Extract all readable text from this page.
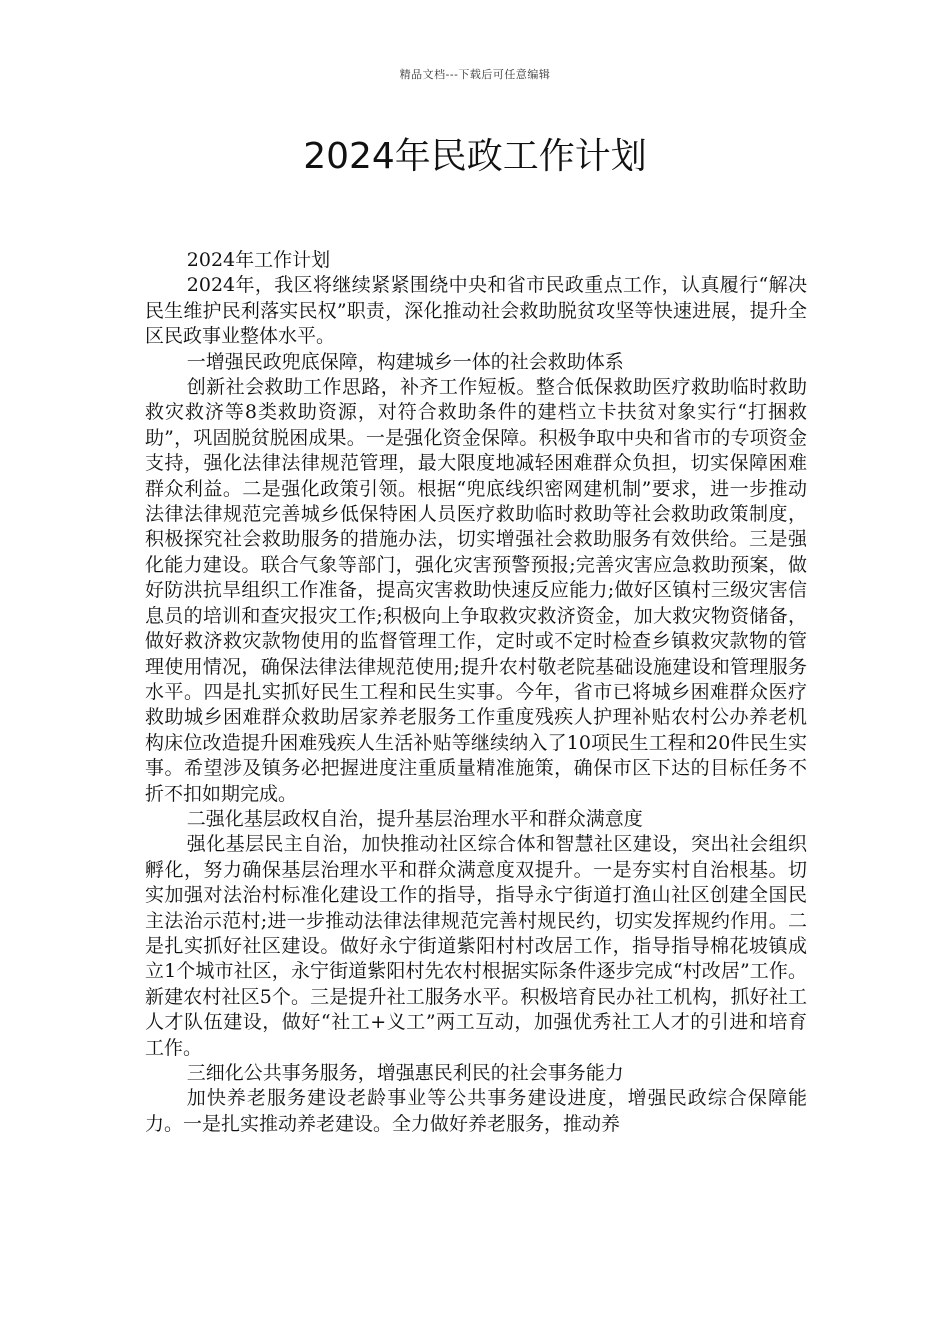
精品文档---下载后可任意编辑
2024年民政工作计划

2024年工作计划

2024年，我区将继续紧紧围绕中央和省市民政重点工作，认真履行“解决民生维护民利落实民权”职责，深化推动社会救助脱贫攻坚等快速进展，提升全区民政事业整体水平。

一增强民政兜底保障，构建城乡一体的社会救助体系

创新社会救助工作思路，补齐工作短板。整合低保救助医疗救助临时救助救灾救济等8类救助资源，对符合救助条件的建档立卡扶贫对象实行“打捆救助”，巩固脱贫脱困成果。一是强化资金保障。积极争取中央和省市的专项资金支持，强化法律法律规范管理，最大限度地减轻困难群众负担，切实保障困难群众利益。二是强化政策引领。根据“兜底线织密网建机制”要求，进一步推动法律法律规范完善城乡低保特困人员医疗救助临时救助等社会救助政策制度，积极探究社会救助服务的措施办法，切实增强社会救助服务有效供给。三是强化能力建设。联合气象等部门，强化灾害预警预报;完善灾害应急救助预案，做好防洪抗旱组织工作准备，提高灾害救助快速反应能力;做好区镇村三级灾害信息员的培训和查灾报灾工作;积极向上争取救灾救济资金，加大救灾物资储备，做好救济救灾款物使用的监督管理工作，定时或不定时检查乡镇救灾款物的管理使用情况，确保法律法律规范使用;提升农村敬老院基础设施建设和管理服务水平。四是扎实抓好民生工程和民生实事。今年，省市已将城乡困难群众医疗救助城乡困难群众救助居家养老服务工作重度残疾人护理补贴农村公办养老机构床位改造提升困难残疾人生活补贴等继续纳入了10项民生工程和20件民生实事。希望涉及镇务必把握进度注重质量精准施策，确保市区下达的目标任务不折不扣如期完成。

二强化基层政权自治，提升基层治理水平和群众满意度

强化基层民主自治，加快推动社区综合体和智慧社区建设，突出社会组织孵化，努力确保基层治理水平和群众满意度双提升。一是夯实村自治根基。切实加强对法治村标准化建设工作的指导，指导永宁街道打渔山社区创建全国民主法治示范村;进一步推动法律法律规范完善村规民约，切实发挥规约作用。二是扎实抓好社区建设。做好永宁街道紫阳村村改居工作，指导指导棉花坡镇成立1个城市社区，永宁街道紫阳村先农村根据实际条件逐步完成“村改居”工作。新建农村社区5个。三是提升社工服务水平。积极培育民办社工机构，抓好社工人才队伍建设，做好“社工+义工”两工互动，加强优秀社工人才的引进和培育工作。

三细化公共事务服务，增强惠民利民的社会事务能力

加快养老服务建设老龄事业等公共事务建设进度，增强民政综合保障能力。一是扎实推动养老建设。全力做好养老服务，推动养
